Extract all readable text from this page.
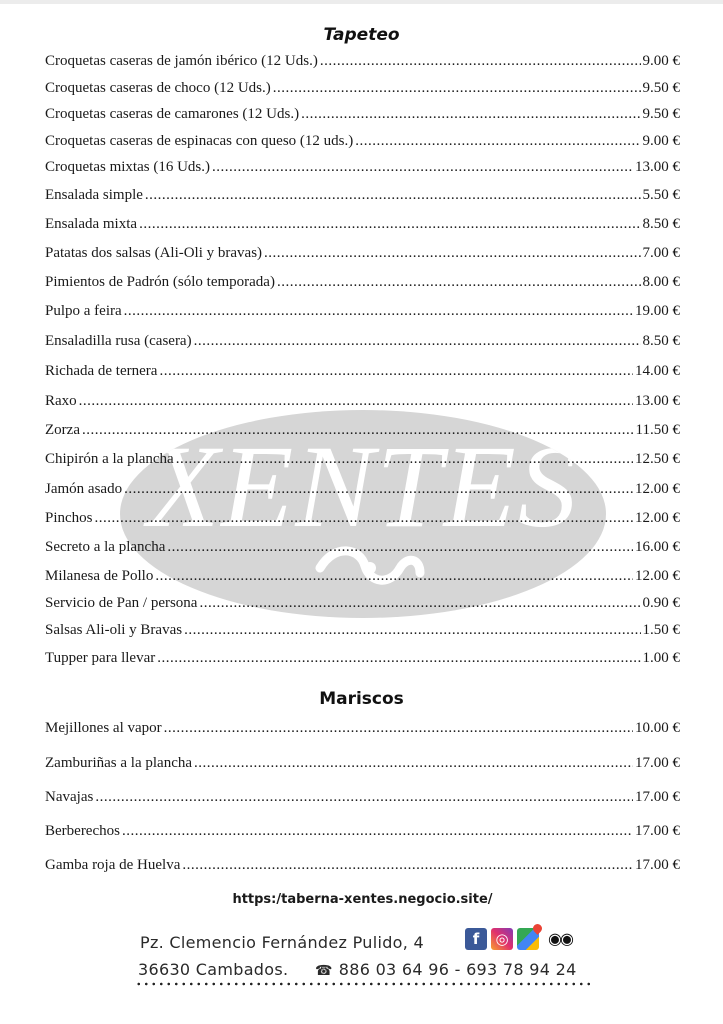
XENTES
Tapeteo
Croquetas caseras de jamón ibérico (12 Uds.) .....	9.00 €
Croquetas caseras de choco (12 Uds.) .....	9.50 €
Croquetas caseras de camarones (12 Uds.) .....	9.50 €
Croquetas caseras de espinacas con queso (12 uds.) .....	9.00 €
Croquetas mixtas (16 Uds.) .....	13.00 €
Ensalada simple .....	5.50 €
Ensalada mixta .....	8.50 €
Patatas dos salsas (Ali-Oli y bravas) .....	7.00 €
Pimientos de Padrón (sólo temporada) .....	8.00 €
Pulpo a feira .....	19.00 €
Ensaladilla rusa (casera) .....	8.50 €
Richada de ternera .....	14.00 €
Raxo .....	13.00 €
Zorza .....	11.50 €
Chipirón a la plancha .....	12.50 €
Jamón asado .....	12.00 €
Pinchos .....	12.00 €
Secreto a la plancha .....	16.00 €
Milanesa de Pollo .....	12.00 €
Servicio de Pan / persona .....	0.90 €
Salsas Ali-oli y Bravas .....	1.50 €
Tupper para llevar .....	1.00 €
Mariscos
Mejillones al vapor .....	10.00 €
Zamburiñas a la plancha .....	17.00 €
Navajas .....	17.00 €
Berberechos .....	17.00 €
Gamba roja de Huelva .....	17.00 €
https:/taberna-xentes.negocio.site/
Pz. Clemencio Fernández Pulido, 4	f	◎	◉◉
36630 Cambados. ☎ 886 03 64 96 - 693 78 94 24
